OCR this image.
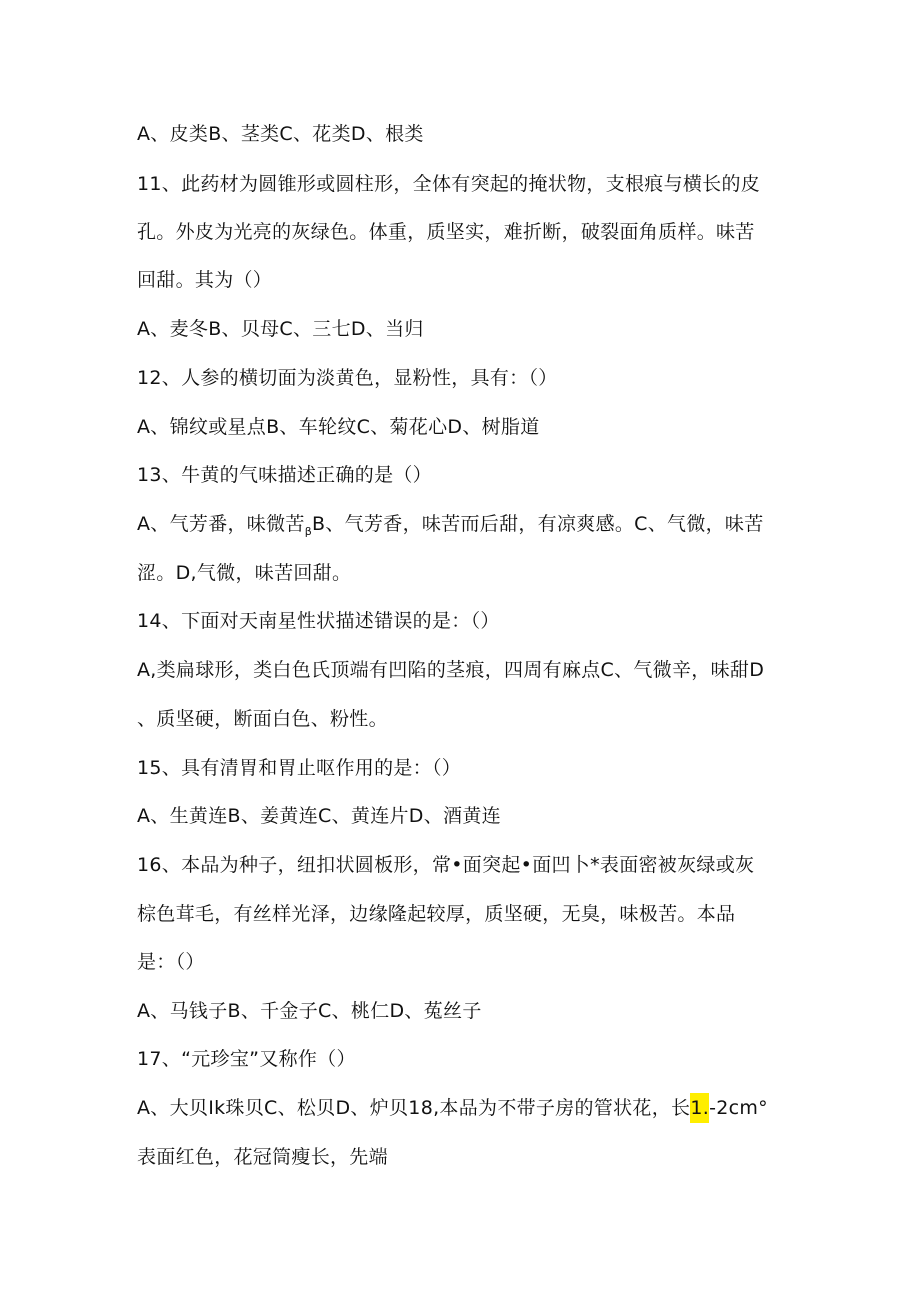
A、皮类B、茎类C、花类D、根类
11、此药材为圆锥形或圆柱形，全体有突起的掩状物，支根痕与横长的皮
孔。外皮为光亮的灰绿色。体重，质坚实，难折断，破裂面角质样。味苦
回甜。其为（）
A、麦冬B、贝母C、三七D、当归
12、人参的横切面为淡黄色，显粉性，具有：（）
A、锦纹或星点B、车轮纹C、菊花心D、树脂道
13、牛黄的气味描述正确的是（）
A、气芳番，味微苦$_\beta$B、气芳香，味苦而后甜，有凉爽感。C、气微，味苦
涩。D,气微，味苦回甜。
14、下面对天南星性状描述错误的是：（）
A,类扁球形，类白色氏顶端有凹陷的茎痕，四周有麻点C、气微辛，味甜D
、质坚硬，断面白色、粉性。
15、具有清胃和胃止呕作用的是：（）
A、生黄连B、姜黄连C、黄连片D、酒黄连
16、本品为种子，纽扣状圆板形，常•面突起•面凹卜*表面密被灰绿或灰
棕色茸毛，有丝样光泽，边缘隆起较厚，质坚硬，无臭，味极苦。本品
是：（）
A、马钱子B、千金子C、桃仁D、菟丝子
17、“元珍宝”又称作（）
A、大贝Ik珠贝C、松贝D、炉贝18,本品为不带子房的管状花，长1.-2cm°
表面红色，花冠筒瘦长，先端
